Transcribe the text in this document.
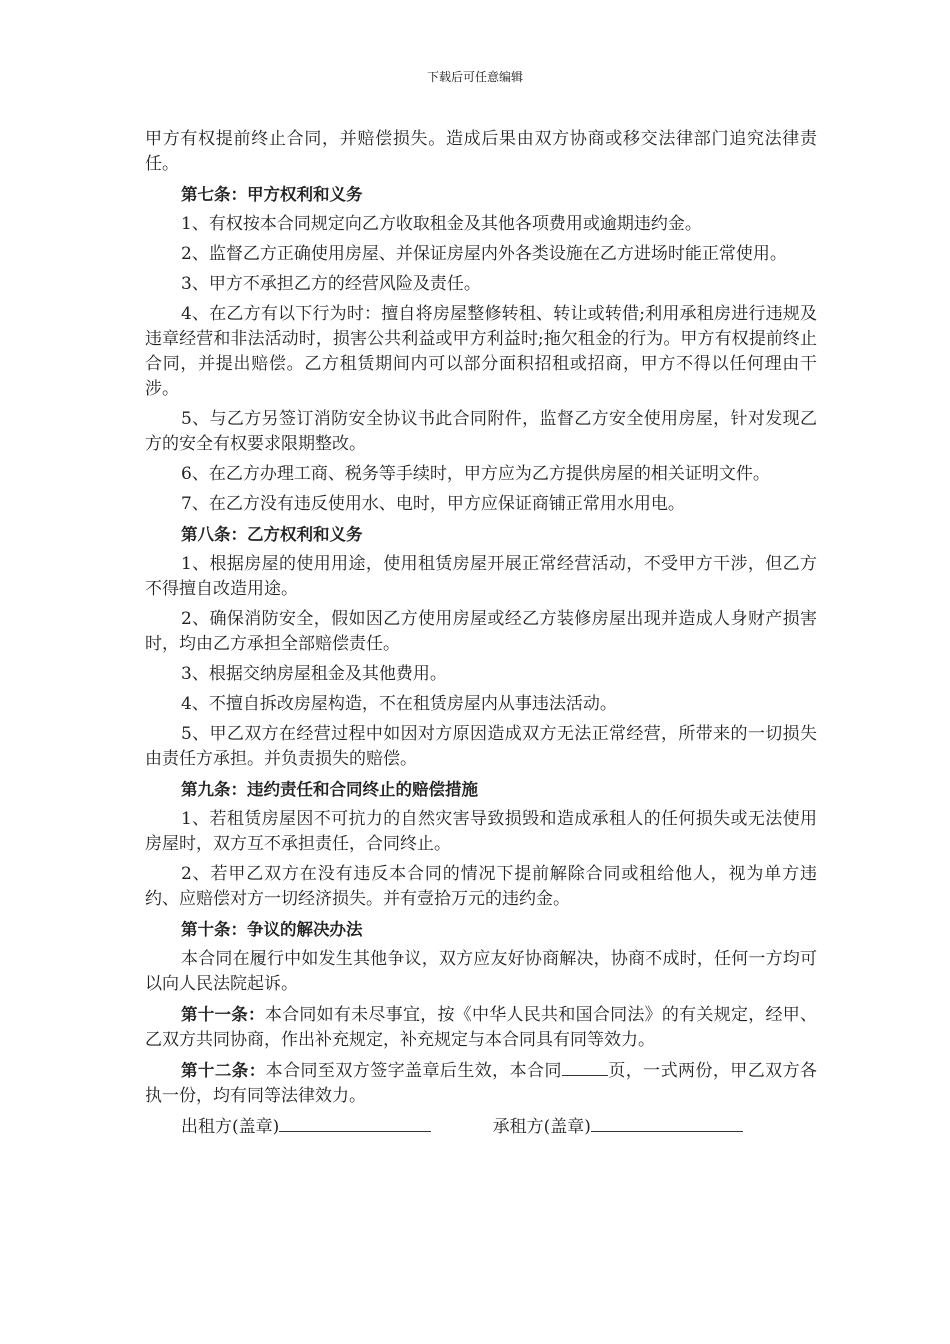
下载后可任意编辑

甲方有权提前终止合同，并赔偿损失。造成后果由双方协商或移交法律部门追究法律责任。

第七条：甲方权利和义务

1、有权按本合同规定向乙方收取租金及其他各项费用或逾期违约金。

2、监督乙方正确使用房屋、并保证房屋内外各类设施在乙方进场时能正常使用。

3、甲方不承担乙方的经营风险及责任。

4、在乙方有以下行为时：擅自将房屋整修转租、转让或转借;利用承租房进行违规及违章经营和非法活动时，损害公共利益或甲方利益时;拖欠租金的行为。甲方有权提前终止合同，并提出赔偿。乙方租赁期间内可以部分面积招租或招商，甲方不得以任何理由干涉。

5、与乙方另签订消防安全协议书此合同附件，监督乙方安全使用房屋，针对发现乙方的安全有权要求限期整改。

6、在乙方办理工商、税务等手续时，甲方应为乙方提供房屋的相关证明文件。

7、在乙方没有违反使用水、电时，甲方应保证商铺正常用水用电。

第八条：乙方权利和义务

1、根据房屋的使用用途，使用租赁房屋开展正常经营活动，不受甲方干涉，但乙方不得擅自改造用途。

2、确保消防安全，假如因乙方使用房屋或经乙方装修房屋出现并造成人身财产损害时，均由乙方承担全部赔偿责任。

3、根据交纳房屋租金及其他费用。

4、不擅自拆改房屋构造，不在租赁房屋内从事违法活动。

5、甲乙双方在经营过程中如因对方原因造成双方无法正常经营，所带来的一切损失由责任方承担。并负责损失的赔偿。

第九条：违约责任和合同终止的赔偿措施

1、若租赁房屋因不可抗力的自然灾害导致损毁和造成承租人的任何损失或无法使用房屋时，双方互不承担责任，合同终止。

2、若甲乙双方在没有违反本合同的情况下提前解除合同或租给他人，视为单方违约、应赔偿对方一切经济损失。并有壹拾万元的违约金。

第十条：争议的解决办法

本合同在履行中如发生其他争议，双方应友好协商解决，协商不成时，任何一方均可以向人民法院起诉。

第十一条：本合同如有未尽事宜，按《中华人民共和国合同法》的有关规定，经甲、乙双方共同协商，作出补充规定，补充规定与本合同具有同等效力。

第十二条：本合同至双方签字盖章后生效，本合同	页，一式两份，甲乙双方各执一份，均有同等法律效力。

出租方(盖章)	承租方(盖章)
